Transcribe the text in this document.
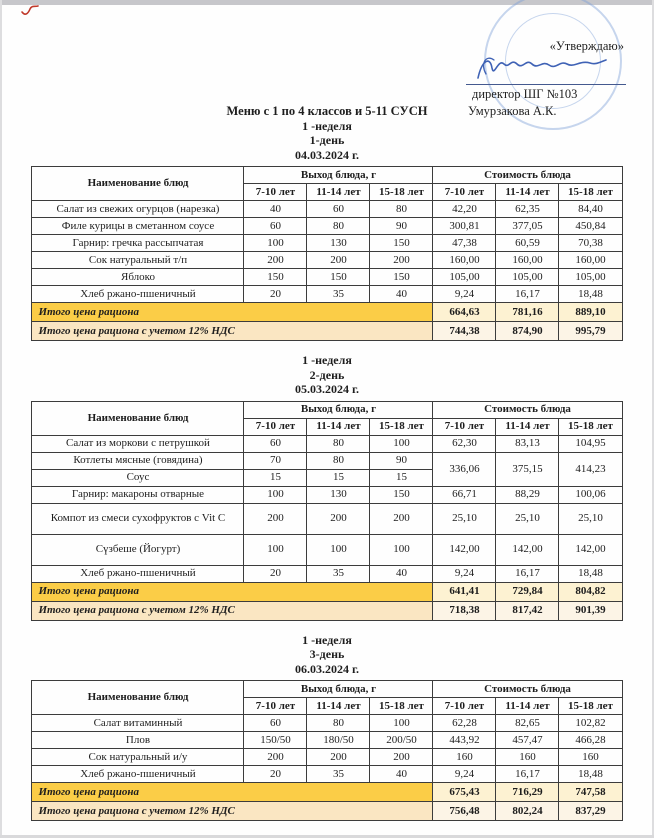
«Утверждаю»
директор ШГ №103
Умурзакова А.К.
Меню с 1 по 4 классов и 5-11 СУСН
1 -неделя
1-день
04.03.2024 г.
Наименование блюд	Выход блюда, г			Стоимость блюда		
	7-10 лет	11-14 лет	15-18 лет	7-10 лет	11-14 лет	15-18 лет
Салат из свежих огурцов (нарезка)	40	60	80	42,20	62,35	84,40
Филе курицы в сметанном соусе	60	80	90	300,81	377,05	450,84
Гарнир: гречка рассыпчатая	100	130	150	47,38	60,59	70,38
Сок натуральный т/п	200	200	200	160,00	160,00	160,00
Яблоко	150	150	150	105,00	105,00	105,00
Хлеб ржано-пшеничный	20	35	40	9,24	16,17	18,48
Итого цена рациона				664,63	781,16	889,10
Итого цена рациона с учетом 12% НДС				744,38	874,90	995,79
1 -неделя
2-день
05.03.2024 г.
Наименование блюд	Выход блюда, г			Стоимость блюда		
	7-10 лет	11-14 лет	15-18 лет	7-10 лет	11-14 лет	15-18 лет
Салат из моркови с петрушкой	60	80	100	62,30	83,13	104,95
Котлеты мясные (говядина)	70	80	90	336,06	375,15	414,23
Соус	15	15	15			
Гарнир: макароны отварные	100	130	150	66,71	88,29	100,06
Компот из смеси сухофруктов с Vit C	200	200	200	25,10	25,10	25,10
Сүзбеше (Йогурт)	100	100	100	142,00	142,00	142,00
Хлеб ржано-пшеничный	20	35	40	9,24	16,17	18,48
Итого цена рациона				641,41	729,84	804,82
Итого цена рациона с учетом 12% НДС				718,38	817,42	901,39
1 -неделя
3-день
06.03.2024 г.
Наименование блюд	Выход блюда, г			Стоимость блюда		
	7-10 лет	11-14 лет	15-18 лет	7-10 лет	11-14 лет	15-18 лет
Салат витаминный	60	80	100	62,28	82,65	102,82
Плов	150/50	180/50	200/50	443,92	457,47	466,28
Сок натуральный и/у	200	200	200	160	160	160
Хлеб ржано-пшеничный	20	35	40	9,24	16,17	18,48
Итого цена рациона				675,43	716,29	747,58
Итого цена рациона с учетом 12% НДС				756,48	802,24	837,29
